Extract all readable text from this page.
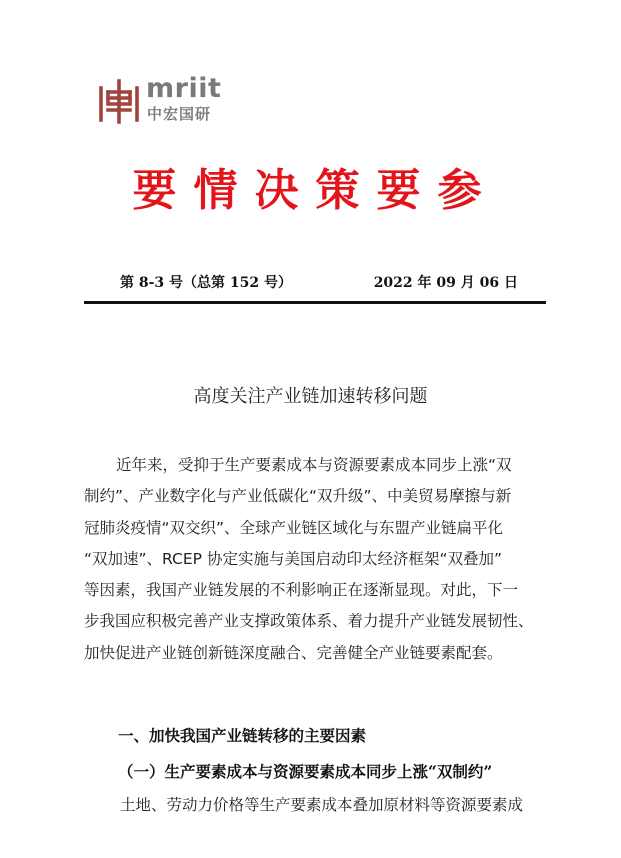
mriit
中宏国研
要情决策要参
第 8-3 号（总第 152 号）	2022 年 09 月 06 日
高度关注产业链加速转移问题
近年来，受抑于生产要素成本与资源要素成本同步上涨“双
制约”、产业数字化与产业低碳化“双升级”、中美贸易摩擦与新
冠肺炎疫情“双交织”、全球产业链区域化与东盟产业链扁平化
“双加速”、RCEP 协定实施与美国启动印太经济框架“双叠加”
等因素，我国产业链发展的不利影响正在逐渐显现。对此，下一
步我国应积极完善产业支撑政策体系、着力提升产业链发展韧性、
加快促进产业链创新链深度融合、完善健全产业链要素配套。
一、加快我国产业链转移的主要因素
（一）生产要素成本与资源要素成本同步上涨“双制约”
土地、劳动力价格等生产要素成本叠加原材料等资源要素成
